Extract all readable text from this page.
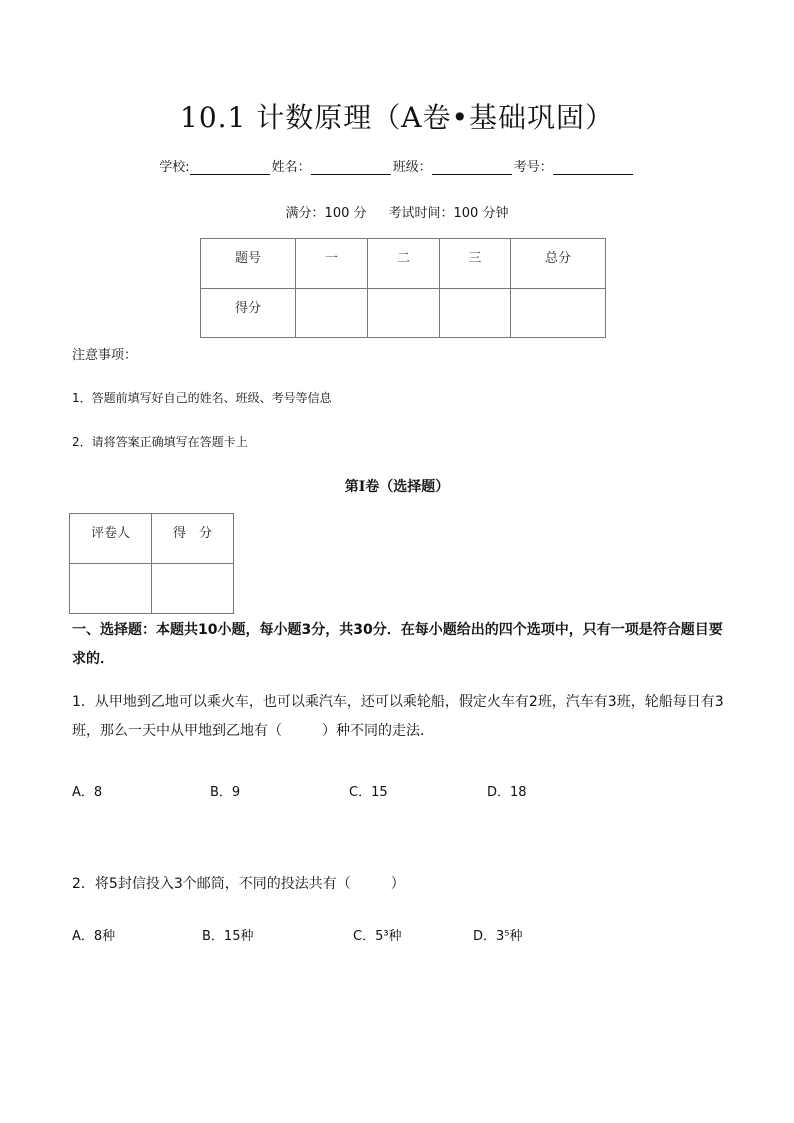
10.1 计数原理（A卷•基础巩固）
学校:	姓名：	班级：	考号：
满分：100 分 考试时间：100 分钟
题号	一	二	三	总分
得分				
注意事项：
1．答题前填写好自己的姓名、班级、考号等信息
2．请将答案正确填写在答题卡上
第I卷（选择题）
评卷人	得　分

一、选择题：本题共10小题，每小题3分，共30分．在每小题给出的四个选项中，只有一项是符合题目要求的．
1．从甲地到乙地可以乘火车，也可以乘汽车，还可以乘轮船，假定火车有2班，汽车有3班，轮船每日有3班，那么一天中从甲地到乙地有（	）种不同的走法．
A．8	B．9	C．15	D．18
2．将5封信投入3个邮筒，不同的投法共有（	）
A．8种	B．15种	C．5³种	D．3⁵种
